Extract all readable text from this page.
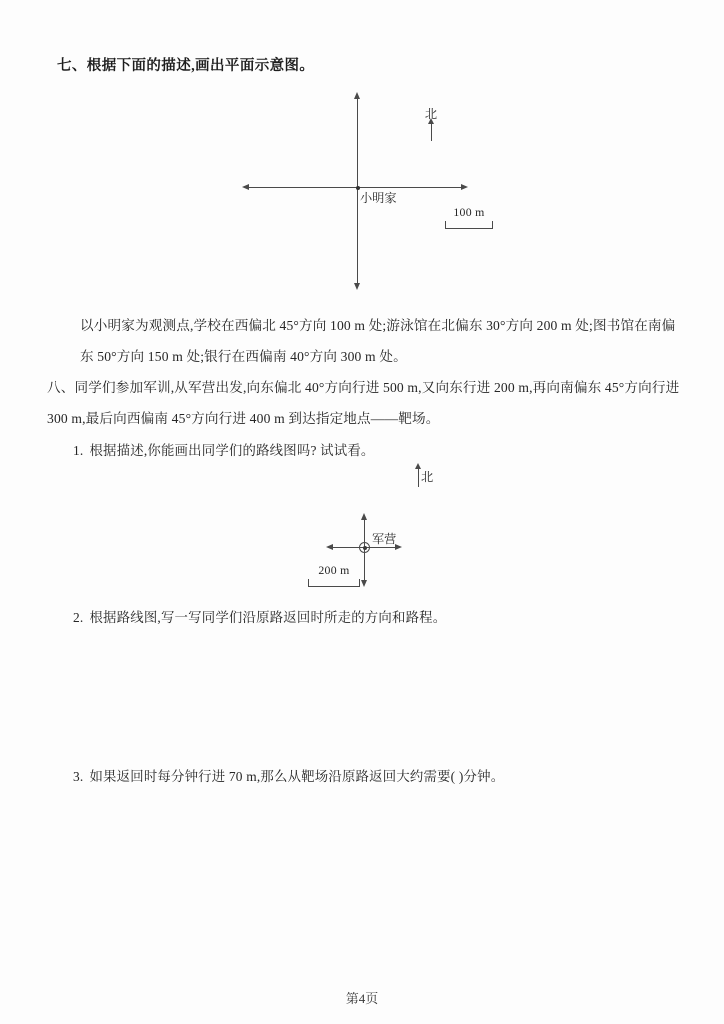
七、根据下面的描述,画出平面示意图。
小明家
北
100 m
以小明家为观测点,学校在西偏北 45°方向 100 m 处;游泳馆在北偏东 30°方向 200 m 处;图书馆在南偏东 50°方向 150 m 处;银行在西偏南 40°方向 300 m 处。
八、同学们参加军训,从军营出发,向东偏北 40°方向行进 500 m,又向东行进 200 m,再向南偏东 45°方向行进 300 m,最后向西偏南 45°方向行进 400 m 到达指定地点——靶场。
1. 根据描述,你能画出同学们的路线图吗? 试试看。
军营
北
200 m
2. 根据路线图,写一写同学们沿原路返回时所走的方向和路程。
3. 如果返回时每分钟行进 70 m,那么从靶场沿原路返回大约需要( )分钟。
第4页
